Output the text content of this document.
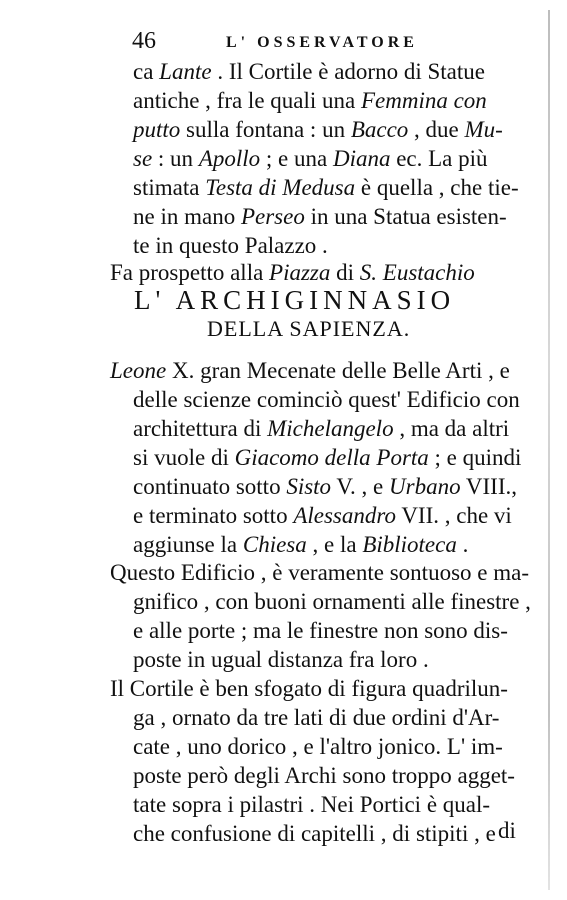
46	L' OSSERVATORE
ca Lante . Il Cortile è adorno di Statue
antiche , fra le quali una Femmina con
putto sulla fontana : un Bacco , due Mu-
se : un Apollo ; e una Diana ec. La più
stimata Testa di Medusa è quella , che tie-
ne in mano Perseo in una Statua esisten-
te in questo Palazzo .
Fa prospetto alla Piazza di S. Eustachio
L' ARCHIGINNASIO
DELLA SAPIENZA.
Leone X. gran Mecenate delle Belle Arti , e
delle scienze cominciò quest' Edificio con
architettura di Michelangelo , ma da altri
si vuole di Giacomo della Porta ; e quindi
continuato sotto Sisto V. , e Urbano VIII.,
e terminato sotto Alessandro VII. , che vi
aggiunse la Chiesa , e la Biblioteca .
Questo Edificio , è veramente sontuoso e ma-
gnifico , con buoni ornamenti alle finestre ,
e alle porte ; ma le finestre non sono dis-
poste in ugual distanza fra loro .
Il Cortile è ben sfogato di figura quadrilun-
ga , ornato da tre lati di due ordini d'Ar-
cate , uno dorico , e l'altro jonico. L' im-
poste però degli Archi sono troppo agget-
tate sopra i pilastri . Nei Portici è qual-
che confusione di capitelli , di stipiti , e di
